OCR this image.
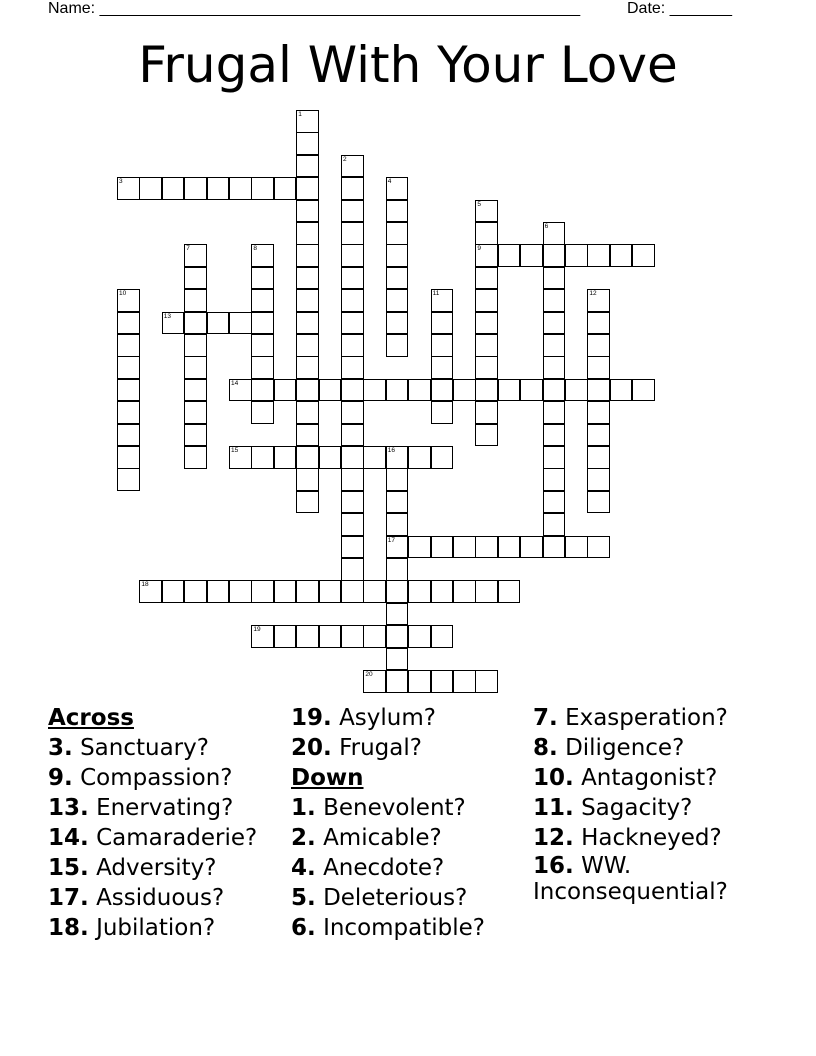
Name: ______________________________________________________	Date: _______
Frugal With Your Love
1
2
3	4
5
9
6
7	8
10	11	12
13
14
15	16
17
18
19
20
Across
3. Sanctuary?
9. Compassion?
13. Enervating?
14. Camaraderie?
15. Adversity?
17. Assiduous?
18. Jubilation?
19. Asylum?
20. Frugal?
Down
1. Benevolent?
2. Amicable?
4. Anecdote?
5. Deleterious?
6. Incompatible?
7. Exasperation?
8. Diligence?
10. Antagonist?
11. Sagacity?
12. Hackneyed?
16. WW. Inconsequential?
